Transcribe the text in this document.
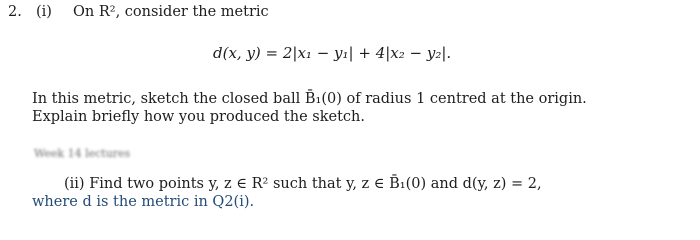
2. (i) On R², consider the metric
d(x, y) = 2|x₁ − y₁| + 4|x₂ − y₂|.
In this metric, sketch the closed ball B̄₁(0) of radius 1 centred at the origin.
Explain briefly how you produced the sketch.
Week 14 lectures
(ii) Find two points y, z ∈ R² such that y, z ∈ B̄₁(0) and d(y, z) = 2,
where d is the metric in Q2(i).
